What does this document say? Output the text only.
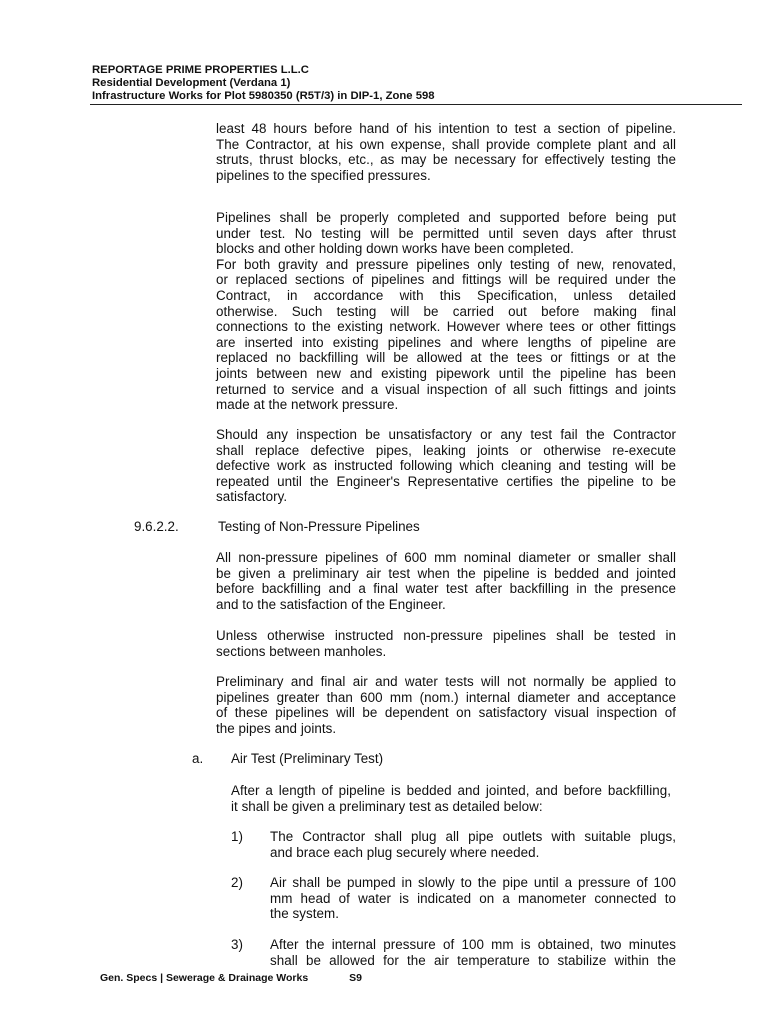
REPORTAGE PRIME PROPERTIES L.L.C
Residential Development (Verdana 1)
Infrastructure Works for Plot 5980350 (R5T/3) in DIP-1, Zone 598
least 48 hours before hand of his intention to test a section of pipeline.
The Contractor, at his own expense, shall provide complete plant and all
struts, thrust blocks, etc., as may be necessary for effectively testing the
pipelines to the specified pressures.
Pipelines shall be properly completed and supported before being put
under test. No testing will be permitted until seven days after thrust
blocks and other holding down works have been completed.
For both gravity and pressure pipelines only testing of new, renovated,
or replaced sections of pipelines and fittings will be required under the
Contract, in accordance with this Specification, unless detailed
otherwise. Such testing will be carried out before making final
connections to the existing network. However where tees or other fittings
are inserted into existing pipelines and where lengths of pipeline are
replaced no backfilling will be allowed at the tees or fittings or at the
joints between new and existing pipework until the pipeline has been
returned to service and a visual inspection of all such fittings and joints
made at the network pressure.
Should any inspection be unsatisfactory or any test fail the Contractor
shall replace defective pipes, leaking joints or otherwise re-execute
defective work as instructed following which cleaning and testing will be
repeated until the Engineer's Representative certifies the pipeline to be
satisfactory.
9.6.2.2.	Testing of Non-Pressure Pipelines
All non-pressure pipelines of 600 mm nominal diameter or smaller shall
be given a preliminary air test when the pipeline is bedded and jointed
before backfilling and a final water test after backfilling in the presence
and to the satisfaction of the Engineer.
Unless otherwise instructed non-pressure pipelines shall be tested in
sections between manholes.
Preliminary and final air and water tests will not normally be applied to
pipelines greater than 600 mm (nom.) internal diameter and acceptance
of these pipelines will be dependent on satisfactory visual inspection of
the pipes and joints.
a. Air Test (Preliminary Test)
After a length of pipeline is bedded and jointed, and before backfilling,
it shall be given a preliminary test as detailed below:
1) The Contractor shall plug all pipe outlets with suitable plugs,
and brace each plug securely where needed.
2) Air shall be pumped in slowly to the pipe until a pressure of 100
mm head of water is indicated on a manometer connected to
the system.
3) After the internal pressure of 100 mm is obtained, two minutes
shall be allowed for the air temperature to stabilize within the
Gen. Specs | Sewerage & Drainage Works	S9
